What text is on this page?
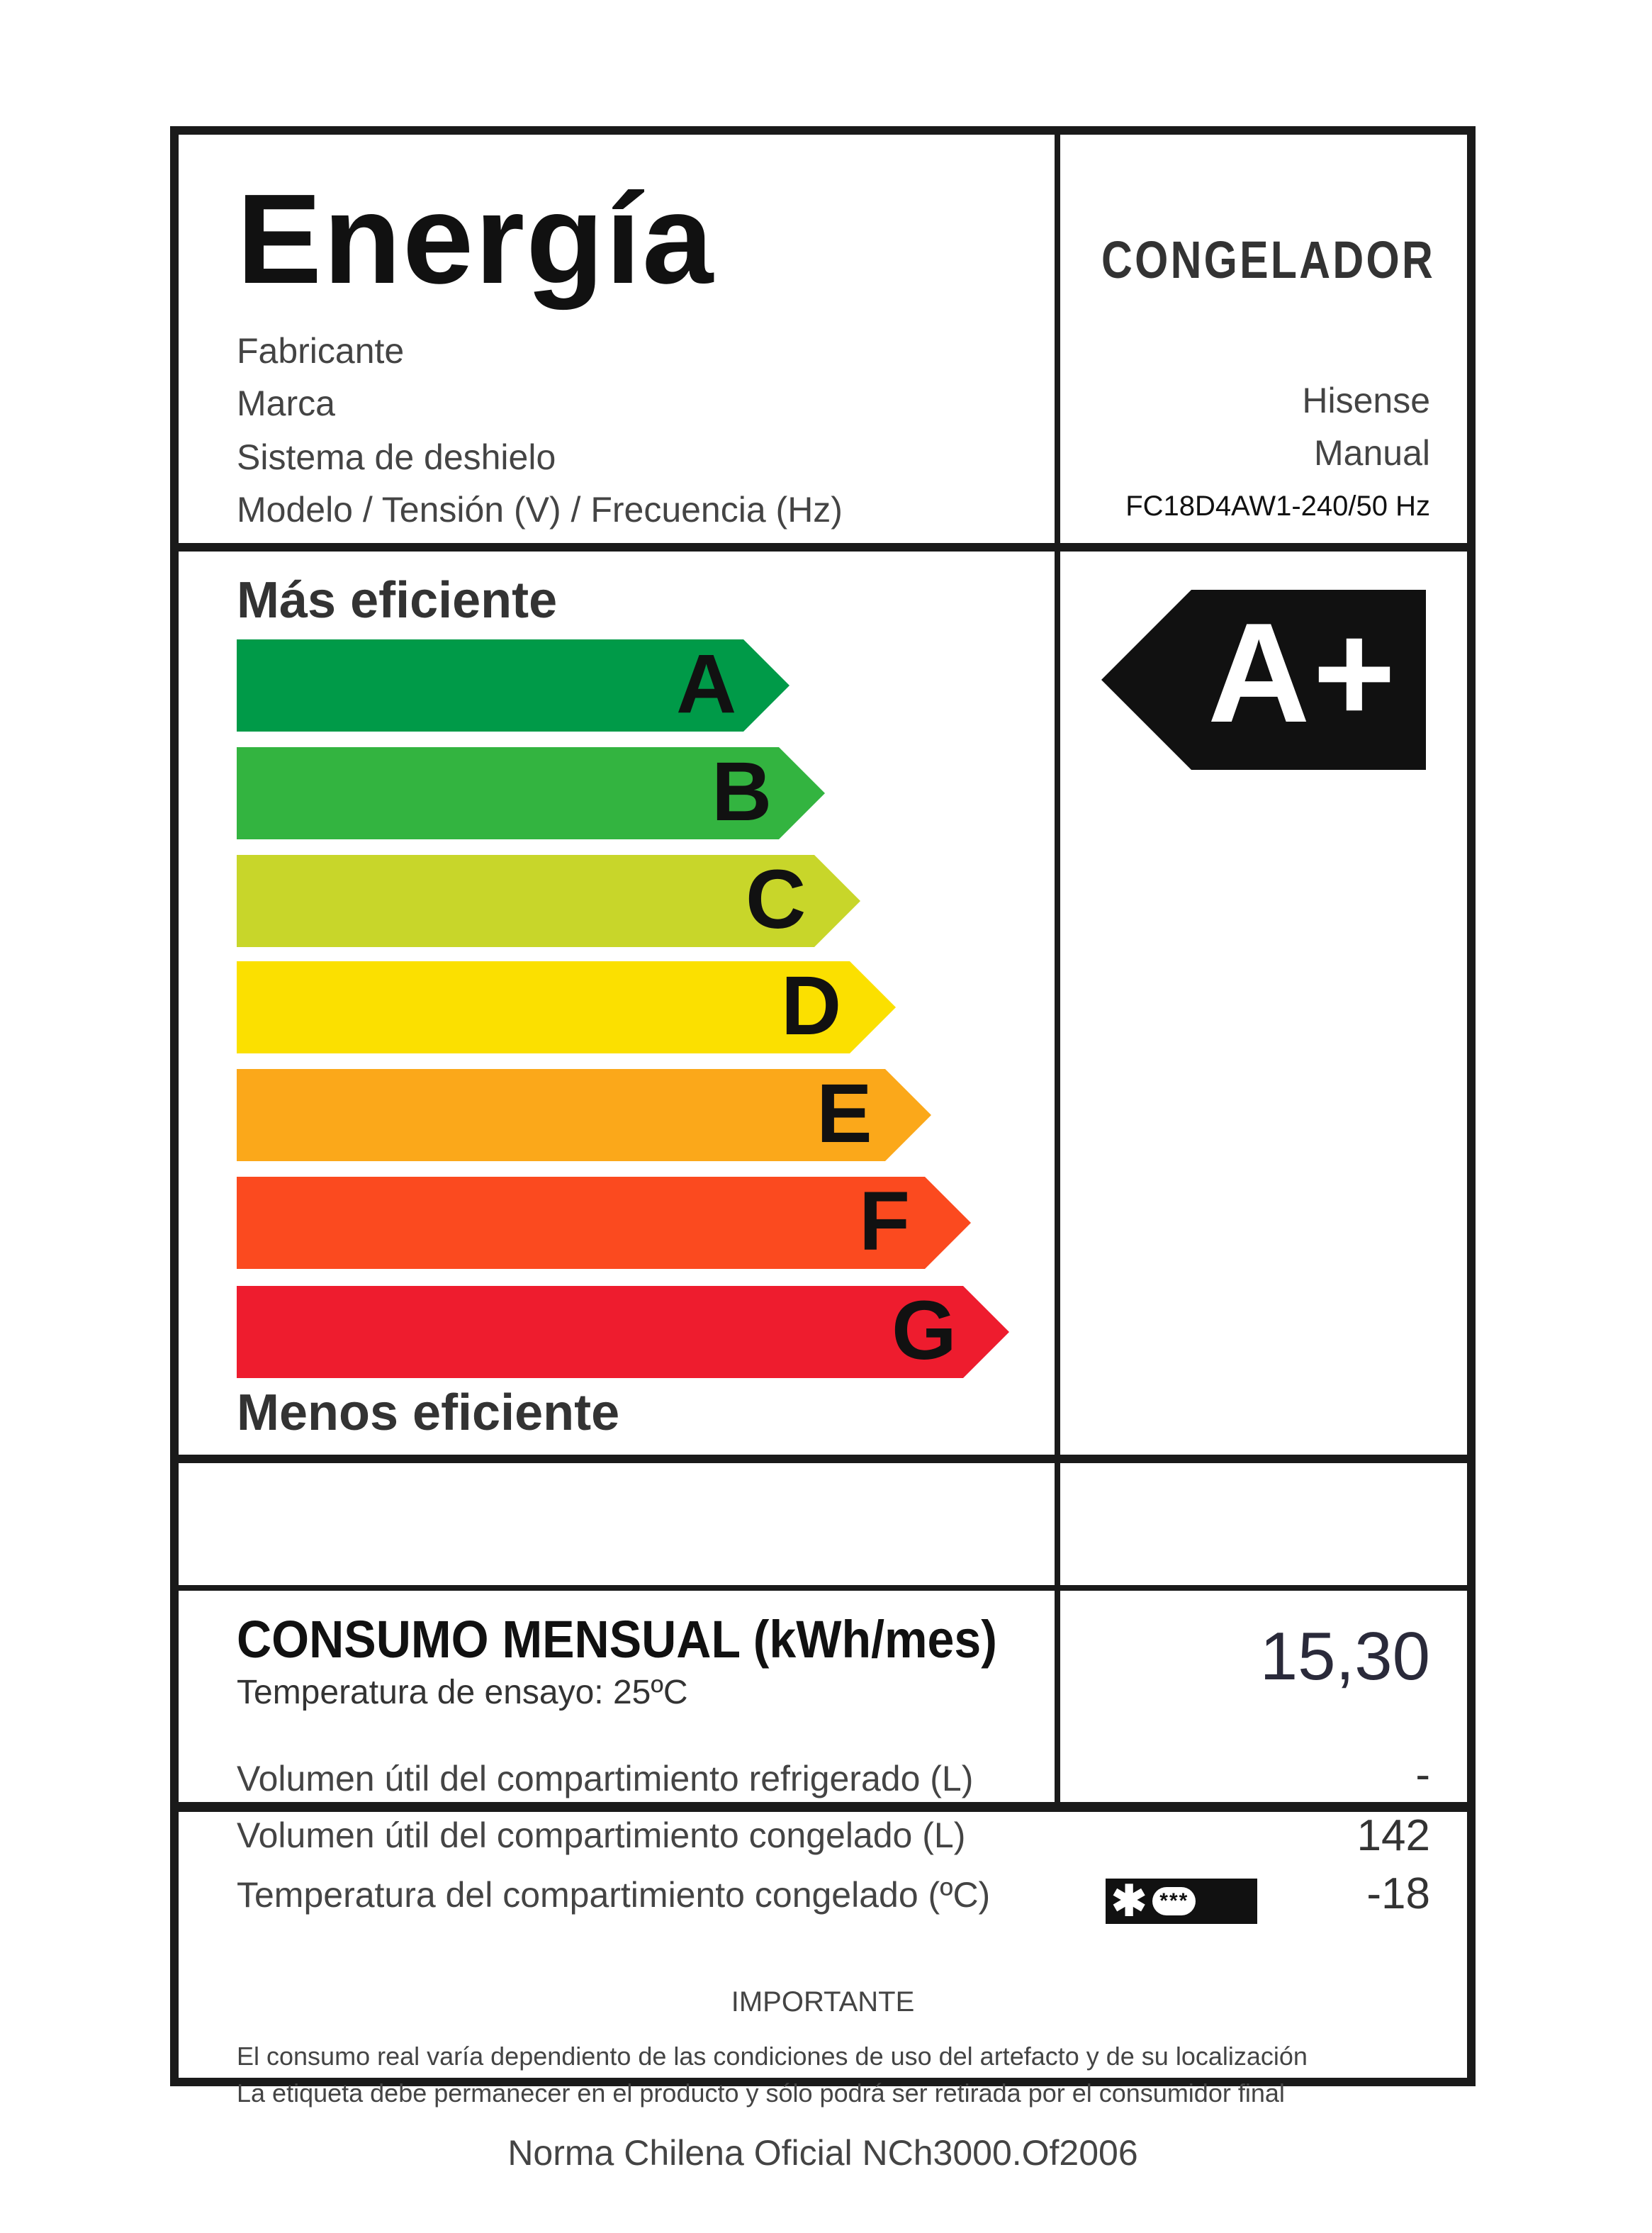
Energía	CONGELADOR
Fabricante
Marca
Sistema de deshielo
Modelo / Tensión (V) / Frecuencia (Hz)
Hisense
Manual
FC18D4AW1-240/50 Hz
Más eficiente
A
B
C
D
E
F
G
Menos eficiente
A+
CONSUMO MENSUAL (kWh/mes)
Temperatura de ensayo: 25ºC	15,30
Volumen útil del compartimiento refrigerado (L)
Volumen útil del compartimiento congelado (L)
Temperatura del compartimiento congelado (ºC)
-
142
-18
✱ ***
IMPORTANTE
El consumo real varía dependiento de las condiciones de uso del artefacto y de su localización
La etiqueta debe permanecer en el producto y sólo podrá ser retirada por el consumidor final
Norma Chilena Oficial NCh3000.Of2006
